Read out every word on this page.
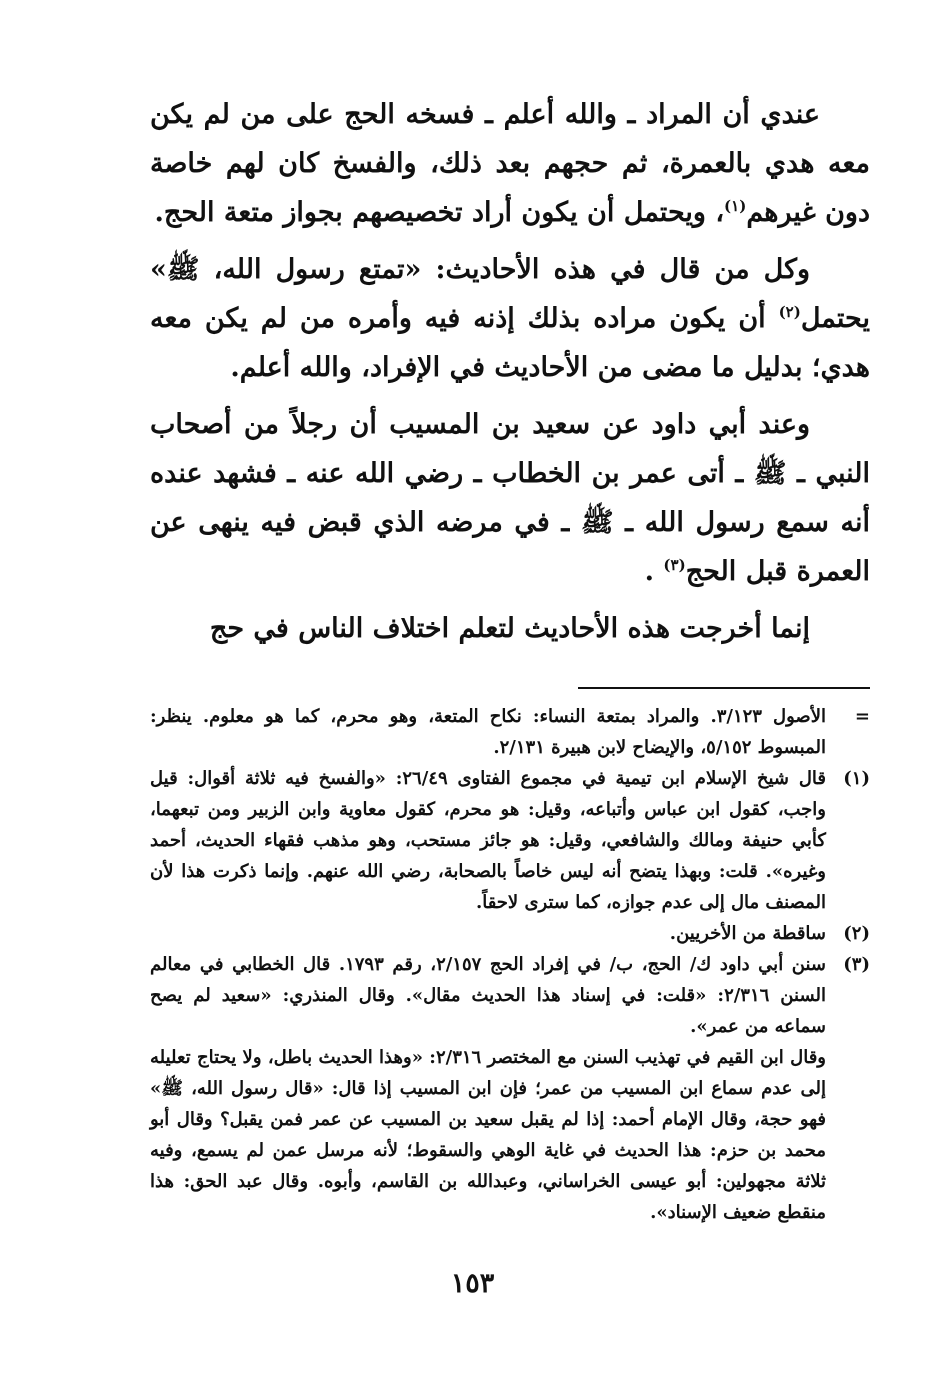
عندي أن المراد ـ والله أعلم ـ فسخه الحج على من لم يكن معه هدي بالعمرة، ثم حجهم بعد ذلك، والفسخ كان لهم خاصة دون غيرهم$^{(١)}$، ويحتمل أن يكون أراد تخصيصهم بجواز متعة الحج.

وكل من قال في هذه الأحاديث: «تمتع رسول الله، ﷺ» يحتمل$^{(٢)}$ أن يكون مراده بذلك إذنه فيه وأمره من لم يكن معه هدي؛ بدليل ما مضى من الأحاديث في الإفراد، والله أعلم.

وعند أبي داود عن سعيد بن المسيب أن رجلاً من أصحاب النبي ـ ﷺ ـ أتى عمر بن الخطاب ـ رضي الله عنه ـ فشهد عنده أنه سمع رسول الله ـ ﷺ ـ في مرضه الذي قبض فيه ينهى عن العمرة قبل الحج$^{(٣)}$ .

إنما أخرجت هذه الأحاديث لتعلم اختلاف الناس في حج

=
الأصول ٣/١٢٣. والمراد بمتعة النساء: نكاح المتعة، وهو محرم، كما هو معلوم. ينظر: المبسوط ٥/١٥٢، والإيضاح لابن هبيرة ٢/١٣١.
(١)
قال شيخ الإسلام ابن تيمية في مجموع الفتاوى ٢٦/٤٩: «والفسخ فيه ثلاثة أقوال: قيل واجب، كقول ابن عباس وأتباعه، وقيل: هو محرم، كقول معاوية وابن الزبير ومن تبعهما، كأبي حنيفة ومالك والشافعي، وقيل: هو جائز مستحب، وهو مذهب فقهاء الحديث، أحمد وغيره». قلت: وبهذا يتضح أنه ليس خاصاً بالصحابة، رضي الله عنهم. وإنما ذكرت هذا لأن المصنف مال إلى عدم جوازه، كما سترى لاحقاً.
(٢)
ساقطة من الأخريين.
(٣)
سنن أبي داود ك/ الحج، ب/ في إفراد الحج ٢/١٥٧، رقم ١٧٩٣. قال الخطابي في معالم السنن ٢/٣١٦: «قلت: في إسناد هذا الحديث مقال». وقال المنذري: «سعيد لم يصح سماعه من عمر».

وقال ابن القيم في تهذيب السنن مع المختصر ٢/٣١٦: «وهذا الحديث باطل، ولا يحتاج تعليله إلى عدم سماع ابن المسيب من عمر؛ فإن ابن المسيب إذا قال: «قال رسول الله، ﷺ» فهو حجة، وقال الإمام أحمد: إذا لم يقبل سعيد بن المسيب عن عمر فمن يقبل؟ وقال أبو محمد بن حزم: هذا الحديث في غاية الوهي والسقوط؛ لأنه مرسل عمن لم يسمع، وفيه ثلاثة مجهولين: أبو عيسى الخراساني، وعبدالله بن القاسم، وأبوه. وقال عبد الحق: هذا منقطع ضعيف الإسناد».

١٥٣
